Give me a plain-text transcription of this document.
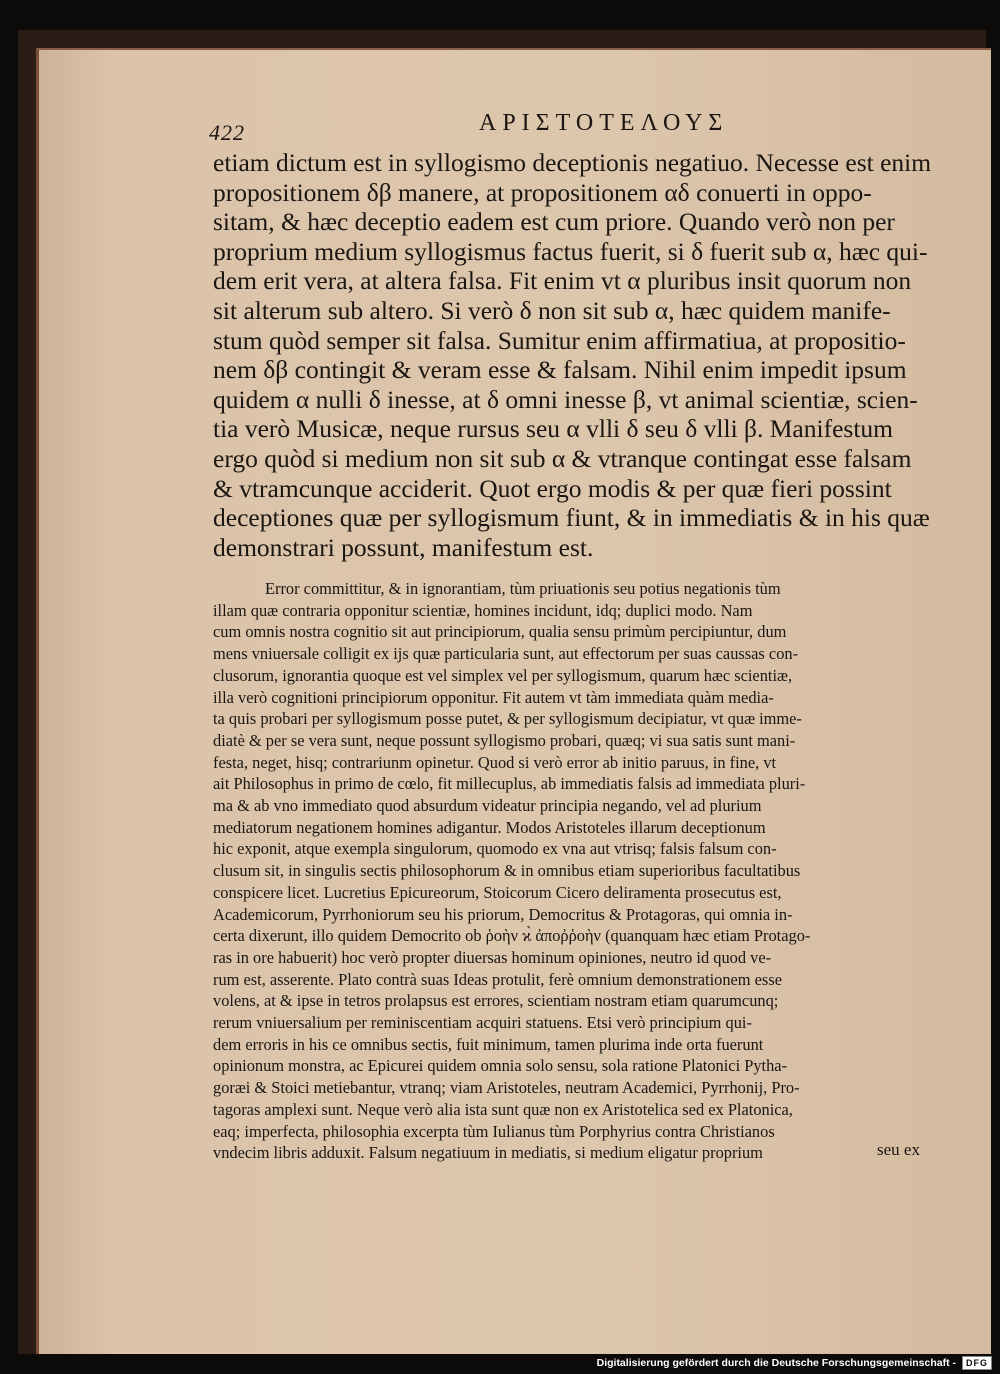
422	ΑΡΙΣΤΟΤΕΛΟΥΣ
etiam dictum est in syllogismo deceptionis negatiuo. Necesse est enim
propositionem δβ manere, at propositionem αδ conuerti in oppo-
sitam, & hæc deceptio eadem est cum priore. Quando verò non per
proprium medium syllogismus factus fuerit, si δ fuerit sub α, hæc qui-
dem erit vera, at altera falsa. Fit enim vt α pluribus insit quorum non
sit alterum sub altero. Si verò δ non sit sub α, hæc quidem manife-
stum quòd semper sit falsa. Sumitur enim affirmatiua, at propositio-
nem δβ contingit & veram esse & falsam. Nihil enim impedit ipsum
quidem α nulli δ inesse, at δ omni inesse β, vt animal scientiæ, scien-
tia verò Musicæ, neque rursus seu α vlli δ seu δ vlli β. Manifestum
ergo quòd si medium non sit sub α & vtranque contingat esse falsam
& vtramcunque acciderit. Quot ergo modis & per quæ fieri possint
deceptiones quæ per syllogismum fiunt, & in immediatis & in his quæ
demonstrari possunt, manifestum est.
Error committitur, & in ignorantiam, tùm priuationis seu potius negationis tùm
illam quæ contraria opponitur scientiæ, homines incidunt, idq; duplici modo. Nam
cum omnis nostra cognitio sit aut principiorum, qualia sensu primùm percipiuntur, dum
mens vniuersale colligit ex ijs quæ particularia sunt, aut effectorum per suas caussas con-
clusorum, ignorantia quoque est vel simplex vel per syllogismum, quarum hæc scientiæ,
illa verò cognitioni principiorum opponitur. Fit autem vt tàm immediata quàm media-
ta quis probari per syllogismum posse putet, & per syllogismum decipiatur, vt quæ imme-
diatè & per se vera sunt, neque possunt syllogismo probari, quæq; vi sua satis sunt mani-
festa, neget, hisq; contrariunm opinetur. Quod si verò error ab initio paruus, in fine, vt
ait Philosophus in primo de cœlo, fit millecuplus, ab immediatis falsis ad immediata pluri-
ma & ab vno immediato quod absurdum videatur principia negando, vel ad plurium
mediatorum negationem homines adigantur. Modos Aristoteles illarum deceptionum
hic exponit, atque exempla singulorum, quomodo ex vna aut vtrisq; falsis falsum con-
clusum sit, in singulis sectis philosophorum & in omnibus etiam superioribus facultatibus
conspicere licet. Lucretius Epicureorum, Stoicorum Cicero deliramenta prosecutus est,
Academicorum, Pyrrhoniorum seu his priorum, Democritus & Protagoras, qui omnia in-
certa dixerunt, illo quidem Democrito ob ῥοὴν ϰ̀ ἀποῤῥοὴν (quanquam hæc etiam Protago-
ras in ore habuerit) hoc verò propter diuersas hominum opiniones, neutro id quod ve-
rum est, asserente. Plato contrà suas Ideas protulit, ferè omnium demonstrationem esse
volens, at & ipse in tetros prolapsus est errores, scientiam nostram etiam quarumcunq;
rerum vniuersalium per reminiscentiam acquiri statuens. Etsi verò principium qui-
dem erroris in his ce omnibus sectis, fuit minimum, tamen plurima inde orta fuerunt
opinionum monstra, ac Epicurei quidem omnia solo sensu, sola ratione Platonici Pytha-
goræi & Stoici metiebantur, vtranq; viam Aristoteles, neutram Academici, Pyrrhonij, Pro-
tagoras amplexi sunt. Neque verò alia ista sunt quæ non ex Aristotelica sed ex Platonica,
eaq; imperfecta, philosophia excerpta tùm Iulianus tùm Porphyrius contra Christianos
vndecim libris adduxit. Falsum negatiuum in mediatis, si medium eligatur proprium	seu ex
Digitalisierung gefördert durch die Deutsche Forschungsgemeinschaft -	DFG
